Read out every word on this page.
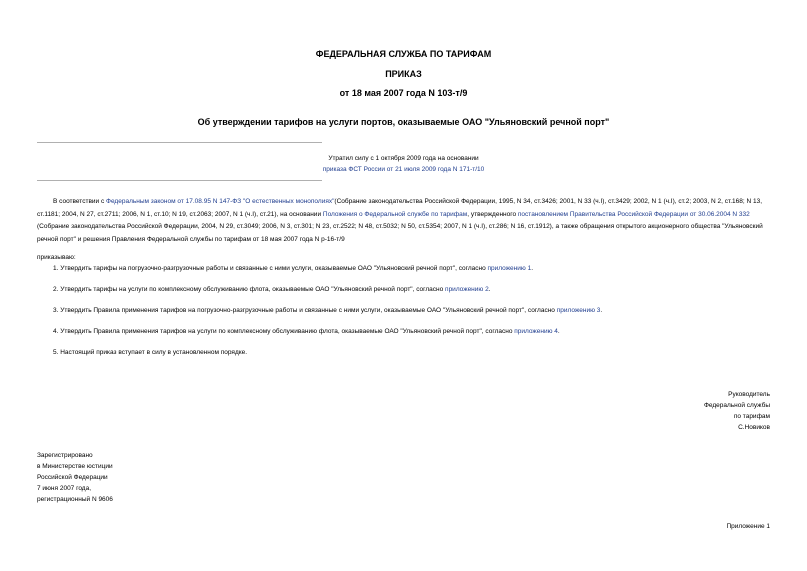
ФЕДЕРАЛЬНАЯ СЛУЖБА ПО ТАРИФАМ
ПРИКАЗ
от 18 мая 2007 года N 103-т/9
Об утверждении тарифов на услуги портов, оказываемые ОАО "Ульяновский речной порт"
Утратил силу с 1 октября 2009 года на основании
приказа ФСТ России от 21 июля 2009 года N 171-т/10
В соответствии с Федеральным законом от 17.08.95 N 147-ФЗ "О естественных монополиях"(Собрание законодательства Российской Федерации, 1995, N 34, ст.3426; 2001, N 33 (ч.I), ст.3429; 2002, N 1 (ч.I), ст.2; 2003, N 2, ст.168; N 13, ст.1181; 2004, N 27, ст.2711; 2006, N 1, ст.10; N 19, ст.2063; 2007, N 1 (ч.I), ст.21), на основании Положения о Федеральной службе по тарифам, утвержденного постановлением Правительства Российской Федерации от 30.06.2004 N 332 (Собрание законодательства Российской Федерации, 2004, N 29, ст.3049; 2006, N 3, ст.301; N 23, ст.2522; N 48, ст.5032; N 50, ст.5354; 2007, N 1 (ч.I), ст.286; N 16, ст.1912), а также обращения открытого акционерного общества "Ульяновский речной порт" и решения Правления Федеральной службы по тарифам от 18 мая 2007 года N р-16-т/9
приказываю:
1. Утвердить тарифы на погрузочно-разгрузочные работы и связанные с ними услуги, оказываемые ОАО "Ульяновский речной порт", согласно приложению 1.
2. Утвердить тарифы на услуги по комплексному обслуживанию флота, оказываемые ОАО "Ульяновский речной порт", согласно приложению 2.
3. Утвердить Правила применения тарифов на погрузочно-разгрузочные работы и связанные с ними услуги, оказываемые ОАО "Ульяновский речной порт", согласно приложению 3.
4. Утвердить Правила применения тарифов на услуги по комплексному обслуживанию флота, оказываемые ОАО "Ульяновский речной порт", согласно приложению 4.
5. Настоящий приказ вступает в силу в установленном порядке.
Руководитель
Федеральной службы
по тарифам
С.Новиков
Зарегистрировано
в Министерстве юстиции
Российской Федерации
7 июня 2007 года,
регистрационный N 9606
Приложение 1
